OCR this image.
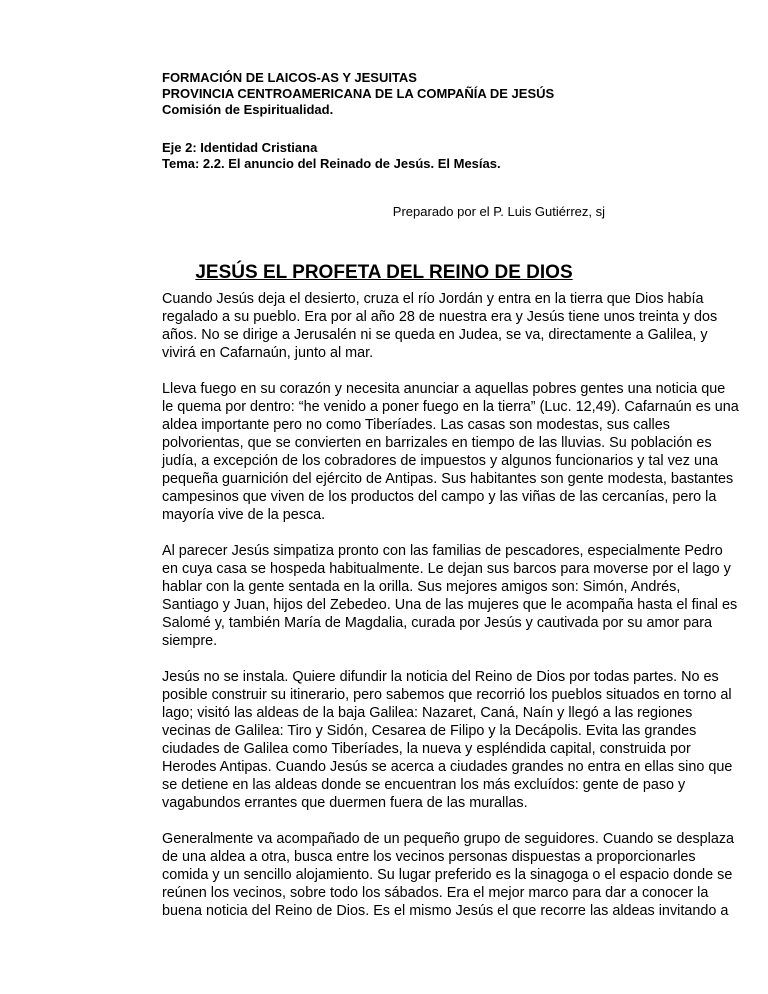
FORMACIÓN DE LAICOS-AS Y JESUITAS
PROVINCIA CENTROAMERICANA DE LA COMPAÑÍA DE JESÚS
Comisión de Espiritualidad.
Eje 2: Identidad Cristiana
Tema: 2.2. El anuncio del Reinado de Jesús. El Mesías.
Preparado por el P. Luis Gutiérrez, sj
JESÚS EL PROFETA DEL REINO DE DIOS
Cuando Jesús deja el desierto, cruza el río Jordán y entra en la tierra que Dios había
regalado a su pueblo. Era por al año 28 de nuestra era y Jesús tiene unos treinta y dos
años. No se dirige a Jerusalén ni se queda en Judea, se va, directamente a Galilea, y
vivirá en Cafarnaún, junto al mar.
Lleva fuego en su corazón y necesita anunciar a aquellas pobres gentes una noticia que
le quema por dentro: “he venido a poner fuego en la tierra” (Luc. 12,49). Cafarnaún es una
aldea importante pero no como Tiberíades. Las casas son modestas, sus calles
polvorientas, que se convierten en barrizales en tiempo de las lluvias. Su población es
judía, a excepción de los cobradores de impuestos y algunos funcionarios y tal vez una
pequeña guarnición del ejército de Antipas. Sus habitantes son gente modesta, bastantes
campesinos que viven de los productos del campo y las viñas de las cercanías, pero la
mayoría vive de la pesca.
Al parecer Jesús simpatiza pronto con las familias de pescadores, especialmente Pedro
en cuya casa se hospeda habitualmente. Le dejan sus barcos para moverse por el lago y
hablar con la gente sentada en la orilla. Sus mejores amigos son: Simón, Andrés,
Santiago y Juan, hijos del Zebedeo. Una de las mujeres que le acompaña hasta el final es
Salomé y, también María de Magdalia, curada por Jesús y cautivada por su amor para
siempre.
Jesús no se instala. Quiere difundir la noticia del Reino de Dios por todas partes. No es
posible construir su itinerario, pero sabemos que recorrió los pueblos situados en torno al
lago; visitó las aldeas de la baja Galilea: Nazaret, Caná, Naín y llegó a las regiones
vecinas de Galilea: Tiro y Sidón, Cesarea de Filipo y la Decápolis. Evita las grandes
ciudades de Galilea como Tiberíades, la nueva y espléndida capital, construida por
Herodes Antipas. Cuando Jesús se acerca a ciudades grandes no entra en ellas sino que
se detiene en las aldeas donde se encuentran los más excluídos: gente de paso y
vagabundos errantes que duermen fuera de las murallas.
Generalmente va acompañado de un pequeño grupo de seguidores. Cuando se desplaza
de una aldea a otra, busca entre los vecinos personas dispuestas a proporcionarles
comida y un sencillo alojamiento. Su lugar preferido es la sinagoga o el espacio donde se
reúnen los vecinos, sobre todo los sábados. Era el mejor marco para dar a conocer la
buena noticia del Reino de Dios. Es el mismo Jesús el que recorre las aldeas invitando a
